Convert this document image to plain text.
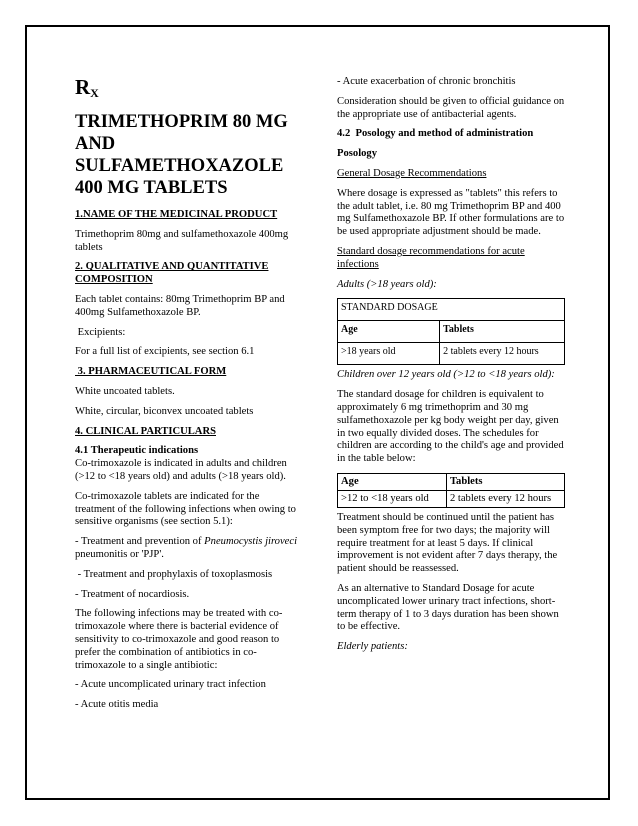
$R_X$
TRIMETHOPRIM 80 MG
AND
SULFAMETHOXAZOLE
400 MG TABLETS

1.NAME OF THE MEDICINAL PRODUCT

Trimethoprim 80mg and sulfamethoxazole 400mg tablets

2. QUALITATIVE AND QUANTITATIVE COMPOSITION

Each tablet contains: 80mg Trimethoprim BP and 400mg Sulfamethoxazole BP.

Excipients:

For a full list of excipients, see section 6.1

3. PHARMACEUTICAL FORM

White uncoated tablets.

White, circular, biconvex uncoated tablets

4. CLINICAL PARTICULARS

4.1 Therapeutic indications
Co-trimoxazole is indicated in adults and children (>12 to <18 years old) and adults (>18 years old).

Co-trimoxazole tablets are indicated for the treatment of the following infections when owing to sensitive organisms (see section 5.1):

- Treatment and prevention of Pneumocystis jiroveci pneumonitis or 'PJP'.

- Treatment and prophylaxis of toxoplasmosis

- Treatment of nocardiosis.

The following infections may be treated with co-trimoxazole where there is bacterial evidence of sensitivity to co-trimoxazole and good reason to prefer the combination of antibiotics in co-trimoxazole to a single antibiotic:

- Acute uncomplicated urinary tract infection

- Acute otitis media

- Acute exacerbation of chronic bronchitis

Consideration should be given to official guidance on the appropriate use of antibacterial agents.

4.2  Posology and method of administration

Posology

General Dosage Recommendations

Where dosage is expressed as "tablets" this refers to the adult tablet, i.e. 80 mg Trimethoprim BP and 400 mg Sulfamethoxazole BP. If other formulations are to be used appropriate adjustment should be made.

Standard dosage recommendations for acute infections

Adults (>18 years old):

STANDARD DOSAGE	
Age	Tablets
>18 years old	2 tablets every 12 hours

Children over 12 years old (>12 to <18 years old):

The standard dosage for children is equivalent to approximately 6 mg trimethoprim and 30 mg sulfamethoxazole per kg body weight per day, given in two equally divided doses. The schedules for children are according to the child's age and provided in the table below:

Age	Tablets
>12 to <18 years old	2 tablets every 12 hours

Treatment should be continued until the patient has been symptom free for two days; the majority will require treatment for at least 5 days. If clinical improvement is not evident after 7 days therapy, the patient should be reassessed.

As an alternative to Standard Dosage for acute uncomplicated lower urinary tract infections, short-term therapy of 1 to 3 days duration has been shown to be effective.

Elderly patients:
